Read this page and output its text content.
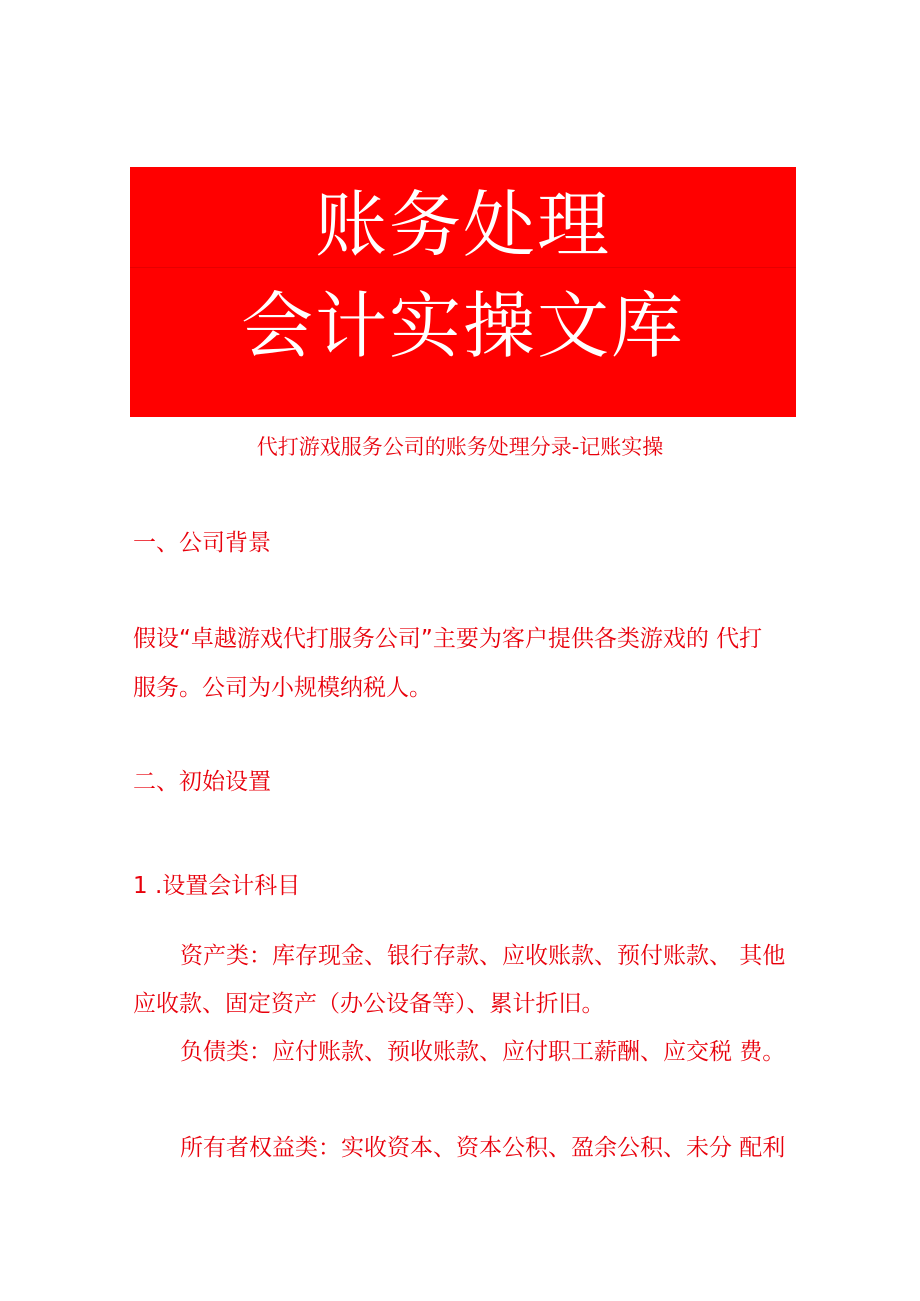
账务处理
会计实操文库
代打游戏服务公司的账务处理分录-记账实操
一、公司背景
假设“卓越游戏代打服务公司”主要为客户提供各类游戏的 代打
服务。公司为小规模纳税人。
二、初始设置
1 .设置会计科目
资产类：库存现金、银行存款、应收账款、预付账款、 其他
应收款、固定资产（办公设备等）、累计折旧。
负债类：应付账款、预收账款、应付职工薪酬、应交税 费。
所有者权益类：实收资本、资本公积、盈余公积、未分 配利
